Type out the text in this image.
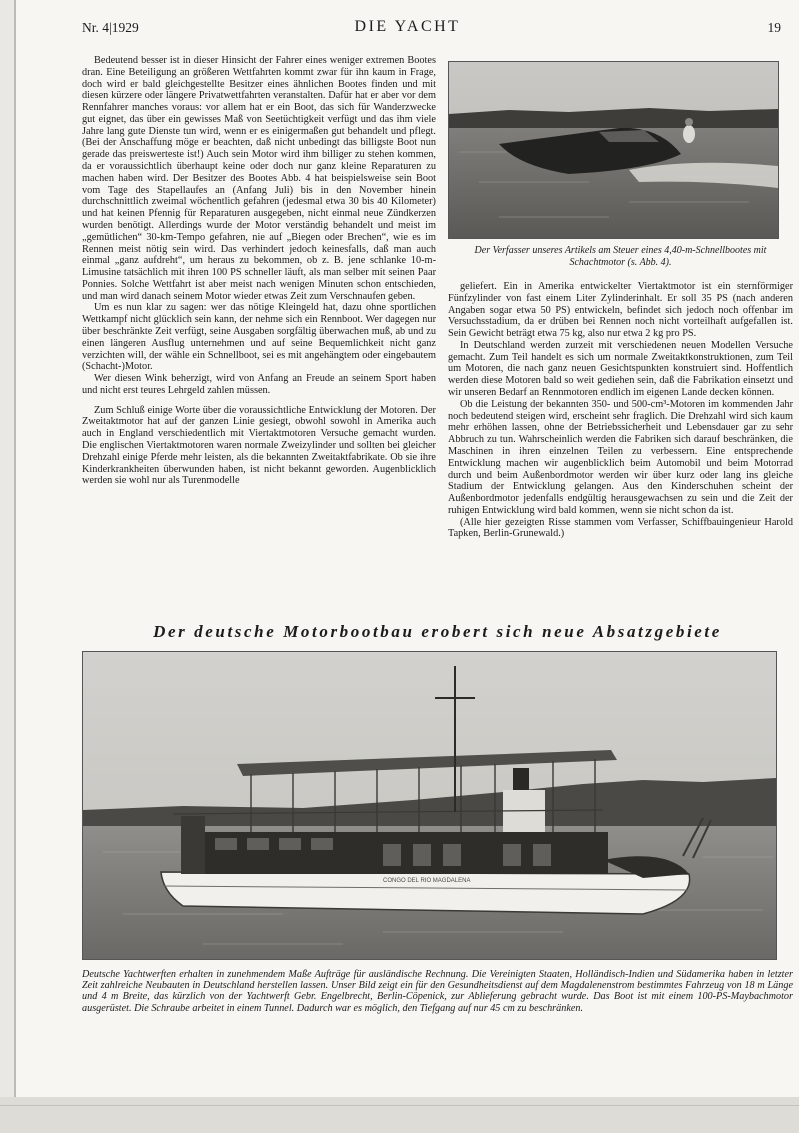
Nr. 4|1929	DIE YACHT	19

Bedeutend besser ist in dieser Hinsicht der Fahrer eines weniger extremen Bootes dran. Eine Beteiligung an größeren Wettfahrten kommt zwar für ihn kaum in Frage, doch wird er bald gleichgestellte Besitzer eines ähnlichen Bootes finden und mit diesen kürzere oder längere Privatwettfahrten veranstalten. Dafür hat er aber vor dem Rennfahrer manches voraus: vor allem hat er ein Boot, das sich für Wanderzwecke gut eignet, das über ein gewisses Maß von Seetüchtigkeit verfügt und das ihm viele Jahre lang gute Dienste tun wird, wenn er es einigermaßen gut behandelt und pflegt. (Bei der Anschaffung möge er beachten, daß nicht unbedingt das billigste Boot nun gerade das preiswerteste ist!) Auch sein Motor wird ihm billiger zu stehen kommen, da er voraussichtlich überhaupt keine oder doch nur ganz kleine Reparaturen zu machen haben wird. Der Besitzer des Bootes Abb. 4 hat beispielsweise sein Boot vom Tage des Stapellaufes an (Anfang Juli) bis in den November hinein durchschnittlich zweimal wöchentlich gefahren (jedesmal etwa 30 bis 40 Kilometer) und hat keinen Pfennig für Reparaturen ausgegeben, nicht einmal neue Zündkerzen wurden benötigt. Allerdings wurde der Motor verständig behandelt und meist im „gemütlichen“ 30-km-Tempo gefahren, nie auf „Biegen oder Brechen“, wie es im Rennen meist nötig sein wird. Das verhindert jedoch keinesfalls, daß man auch einmal „ganz aufdreht“, um heraus zu bekommen, ob z. B. jene schlanke 10-m-Limusine tatsächlich mit ihren 100 PS schneller läuft, als man selber mit seinen Paar Ponnies. Solche Wettfahrt ist aber meist nach wenigen Minuten schon entschieden, und man wird danach seinem Motor wieder etwas Zeit zum Verschnaufen geben.

Um es nun klar zu sagen: wer das nötige Kleingeld hat, dazu ohne sportlichen Wettkampf nicht glücklich sein kann, der nehme sich ein Rennboot. Wer dagegen nur über beschränkte Zeit verfügt, seine Ausgaben sorgfältig überwachen muß, ab und zu einen längeren Ausflug unternehmen und auf seine Bequemlichkeit nicht ganz verzichten will, der wähle ein Schnellboot, sei es mit angehängtem oder eingebautem (Schacht-)Motor.

Wer diesen Wink beherzigt, wird von Anfang an Freude an seinem Sport haben und nicht erst teures Lehrgeld zahlen müssen.

Zum Schluß einige Worte über die voraussichtliche Entwicklung der Motoren. Der Zweitaktmotor hat auf der ganzen Linie gesiegt, obwohl sowohl in Amerika auch auch in England verschiedentlich mit Viertaktmotoren Versuche gemacht wurden. Die englischen Viertaktmotoren waren normale Zweizylinder und sollten bei gleicher Drehzahl einige Pferde mehr leisten, als die bekannten Zweitaktfabrikate. Ob sie ihre Kinderkrankheiten überwunden haben, ist nicht bekannt geworden. Augenblicklich werden sie wohl nur als Turenmodelle

Der Verfasser unseres Artikels am Steuer eines 4,40-m-Schnellbootes mit Schachtmotor (s. Abb. 4).

geliefert. Ein in Amerika entwickelter Viertaktmotor ist ein sternförmiger Fünfzylinder von fast einem Liter Zylinderinhalt. Er soll 35 PS (nach anderen Angaben sogar etwa 50 PS) entwickeln, befindet sich jedoch noch offenbar im Versuchsstadium, da er drüben bei Rennen noch nicht vorteilhaft aufgefallen ist. Sein Gewicht beträgt etwa 75 kg, also nur etwa 2 kg pro PS.

In Deutschland werden zurzeit mit verschiedenen neuen Modellen Versuche gemacht. Zum Teil handelt es sich um normale Zweitaktkonstruktionen, zum Teil um Motoren, die nach ganz neuen Gesichtspunkten konstruiert sind. Hoffentlich werden diese Motoren bald so weit gediehen sein, daß die Fabrikation einsetzt und wir unseren Bedarf an Rennmotoren endlich im eigenen Lande decken können.

Ob die Leistung der bekannten 350- und 500-cm³-Motoren im kommenden Jahr noch bedeutend steigen wird, erscheint sehr fraglich. Die Drehzahl wird sich kaum mehr erhöhen lassen, ohne der Betriebssicherheit und Lebensdauer gar zu sehr Abbruch zu tun. Wahrscheinlich werden die Fabriken sich darauf beschränken, die Maschinen in ihren einzelnen Teilen zu verbessern. Eine entsprechende Entwicklung machen wir augenblicklich beim Automobil und beim Motorrad durch und beim Außenbordmotor werden wir über kurz oder lang ins gleiche Stadium der Entwicklung gelangen. Aus den Kinderschuhen scheint der Außenbordmotor jedenfalls endgültig herausgewachsen zu sein und die Zeit der ruhigen Entwicklung wird bald kommen, wenn sie nicht schon da ist.

(Alle hier gezeigten Risse stammen vom Verfasser, Schiffbauingenieur Harold Tapken, Berlin-Grunewald.)

Der deutsche Motorbootbau erobert sich neue Absatzgebiete
CONGO DEL RIO MAGDALENA
Deutsche Yachtwerften erhalten in zunehmendem Maße Aufträge für ausländische Rechnung. Die Vereinigten Staaten, Holländisch-Indien und Südamerika haben in letzter Zeit zahlreiche Neubauten in Deutschland herstellen lassen. Unser Bild zeigt ein für den Gesundheitsdienst auf dem Magdalenenstrom bestimmtes Fahrzeug von 18 m Länge und 4 m Breite, das kürzlich von der Yachtwerft Gebr. Engelbrecht, Berlin-Cöpenick, zur Ablieferung gebracht wurde. Das Boot ist mit einem 100-PS-Maybachmotor ausgerüstet. Die Schraube arbeitet in einem Tunnel. Dadurch war es möglich, den Tiefgang auf nur 45 cm zu beschränken.
